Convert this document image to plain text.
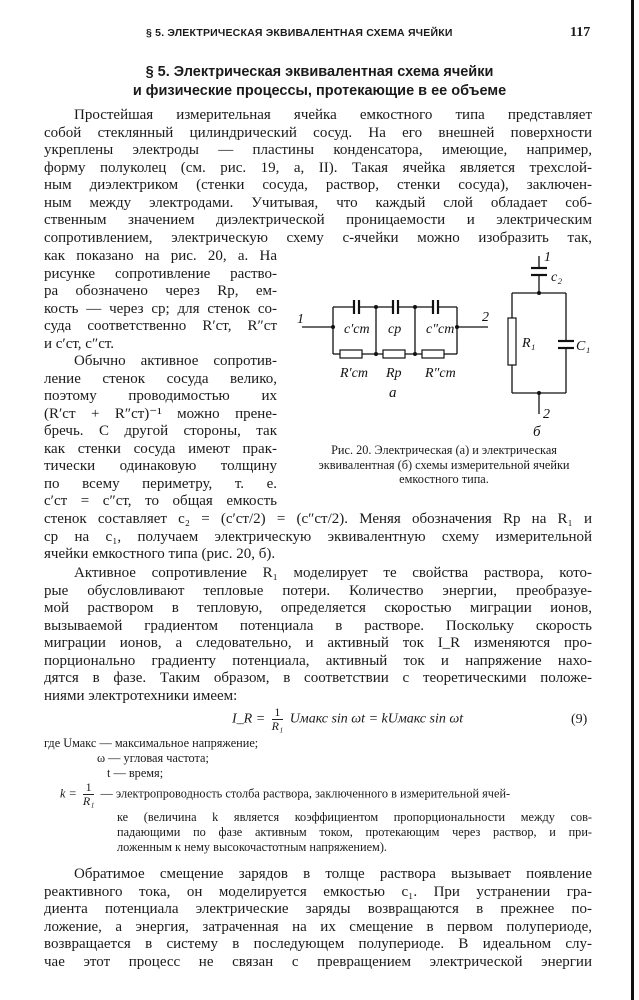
§ 5. ЭЛЕКТРИЧЕСКАЯ ЭКВИВАЛЕНТНАЯ СХЕМА ЯЧЕЙКИ	117
§ 5. Электрическая эквивалентная схема ячейки
и физические процессы, протекающие в ее объеме
Простейшая измерительная ячейка емкостного типа представляет
собой стеклянный цилиндрический сосуд. На его внешней поверхности
укреплены электроды — пластины конденсатора, имеющие, например,
форму полуколец (см. рис. 19, а, II). Такая ячейка является трехслой-
ным диэлектриком (стенки сосуда, раствор, стенки сосуда), заключен-
ным между электродами. Учитывая, что каждый слой обладает соб-
ственным значением диэлектрической проницаемости и электрическим
сопротивлением, электрическую схему c-ячейки можно изобразить так,
как показано на рис. 20, а. На
рисунке сопротивление раство-
ра обозначено через Rр, ем-
кость — через cр; для стенок со-
суда соответственно R′ст, R″ст
и c′ст, c″ст.
Обычно активное сопротив-
ление стенок сосуда велико,
поэтому проводимостью их
(R′ст + R″ст)⁻¹ можно прене-
бречь. С другой стороны, так
как стенки сосуда имеют прак-
тически одинаковую толщину
по всему периметру, т. е.
c′ст = c″ст, то общая емкость
стенок составляет c₂ = (c′ст/2) = (c″ст/2). Меняя обозначения Rр на R₁ и
cр на c₁, получаем электрическую эквивалентную схему измерительной
ячейки емкостного типа (рис. 20, б).
Активное сопротивление R₁ моделирует те свойства раствора, кото-
рые обусловливают тепловые потери. Количество энергии, преобразуе-
мой раствором в тепловую, определяется скоростью миграции ионов,
вызываемой градиентом потенциала в растворе. Поскольку скорость
миграции ионов, а следовательно, и активный ток I_R изменяются про-
порционально градиенту потенциала, активный ток и напряжение нахо-
дятся в фазе. Таким образом, в соответствии с теоретическими положе-
ниями электротехники имеем:
ке (величина k является коэффициентом пропорциональности между сов-
падающими по фазе активным током, протекающим через раствор, и при-
ложенным к нему высокочастотным напряжением).
Обратимое смещение зарядов в толще раствора вызывает появление
реактивного тока, он моделируется емкостью c₁. При устранении гра-
диента потенциала электрические заряды возвращаются в прежнее по-
ложение, а энергия, затраченная на их смещение в первом полупериоде,
возвращается в систему в последующем полупериоде. В идеальном слу-
чае этот процесс не связан с превращением электрической энергии
где Uмакс — максимальное напряжение;
ω — угловая частота;
t — время;
1	2
c′ст cр c″ст
R′ст Rр R″ст
а
1
c₂
R₁	C₁
2
б
Рис. 20. Электрическая (а) и электрическая
эквивалентная (б) схемы измерительной ячейки
емкостного типа.
I_R = $\frac{1}{\text{R₁}}$ Uмакс sin ωt = kUмакс sin ωt	(9)
$k = \frac{1}{\text{R₁}}$ — электропроводность столба раствора, заключенного в измерительной ячей-
